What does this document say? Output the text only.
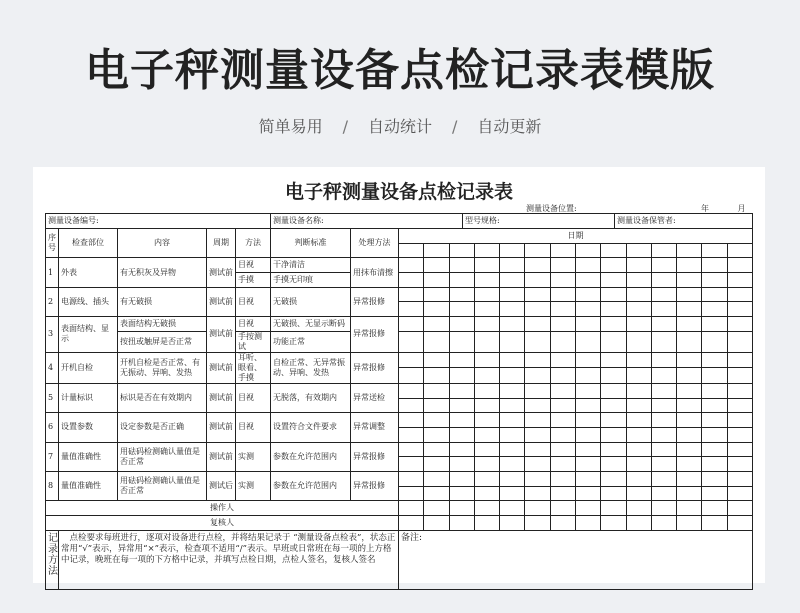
电子秤测量设备点检记录表模版
简单易用 / 自动统计 / 自动更新
电子秤测量设备点检记录表
测量设备位置:	年 月
测量设备编号:	测量设备名称:	型号规格:	测量设备保管者:
序号	检查部位	内容	周期	方法	判断标准	处理方法	日期													

1	外表	有无积灰及异物	测试前	目视	干净清洁	用抹布清擦														
				手摸	手摸无印痕															
2	电源线、插头	有无破损	测试前	目视	无破损	异常报修														

3	表面结构、显示	表面结构无破损	测试前	目视	无破损、无显示断码	异常报修														
		按扭或触屏是否正常		手按测试	功能正常															
4	开机自检	开机自检是否正常、有无振动、异响、发热	测试前	耳听、眼看、手摸	自检正常、无异常振动、异响、发热	异常报修														

5	计量标识	标识是否在有效期内	测试前	目视	无脱落，有效期内	异常送检														

6	设置参数	设定参数是否正确	测试前	目视	设置符合文件要求	异常调整														

7	量值准确性	用砝码检测确认量值是否正常	测试前	实测	参数在允许范围内	异常报修														

8	量值准确性	用砝码检测确认量值是否正常	测试后	实测	参数在允许范围内	异常报修														

操作人																				
复核人																				
记录方法	　点检要求每班进行，逐项对设备进行点检，并将结果记录于 “测量设备点检表”，状态正常用“√”表示，异常用“×”表示，检查项不适用“/”表示。早班或日常班在每一项的上方格中记录，晚班在每一项的下方格中记录，并填写点检日期，点检人签名，复核人签名						备注:													
